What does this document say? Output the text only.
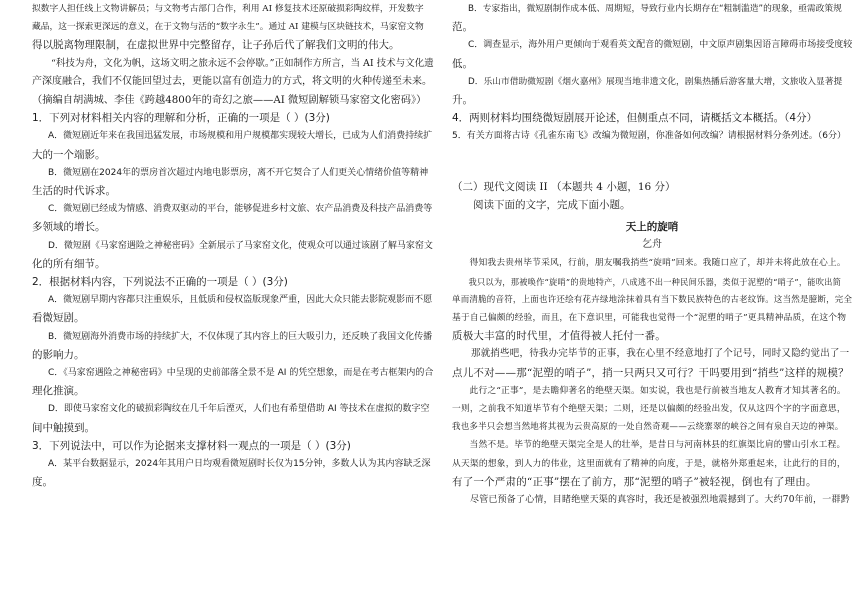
拟数字人担任线上文物讲解员；与文物考古部门合作，利用 AI 修复技术还原破损彩陶纹样，开发数字

藏品，这一探索更深远的意义，在于文物与活的“数字永生”。通过 AI 建模与区块链技术，马家窑文物

得以脱离物理限制，在虚拟世界中完整留存，让子孙后代了解我们文明的伟大。

“科技为舟，文化为帆，这场文明之旅永远不会停歇。”正如制作方所言，当 AI 技术与文化遗

产深度融合，我们不仅能回望过去，更能以富有创造力的方式，将文明的火种传递至未来。

（摘编自胡满城、李佳《跨越4800年的奇幻之旅——AI 微短剧解锁马家窑文化密码》）

1．下列对材料相关内容的理解和分析，正确的一项是（ ）(3分)

A．微短剧近年来在我国迅猛发展，市场规模和用户规模都实现较大增长，已成为人们消费持续扩

大的一个端影。

B．微短剧在2024年的票房首次超过内地电影票房，离不开它契合了人们更关心情绪价值等精神

生活的时代诉求。

C．微短剧已经成为情感、消费双驱动的平台，能够促进乡村文旅、农产品消费及科技产品消费等

多领域的增长。

D．微短剧《马家窑遇险之神秘密码》全新展示了马家窑文化，使观众可以通过该剧了解马家窑文

化的所有细节。

2．根据材料内容，下列说法不正确的一项是（ ）(3分)

A．微短剧早期内容都只注重娱乐，且低质和侵权盗版现象严重，因此大众只能去影院观影而不愿

看微短剧。

B．微短剧海外消费市场的持续扩大，不仅体现了其内容上的巨大吸引力，还反映了我国文化传播

的影响力。

C．《马家窑遇险之神秘密码》中呈现的史前部落全景不是 AI 的凭空想象，而是在考古框架内的合

理化推演。

D．即使马家窑文化的破损彩陶纹在几千年后湮灭，人们也有希望借助 AI 等技术在虚拟的数字空

间中触摸到。

3．下列说法中，可以作为论据来支撑材料一观点的一项是（ ）(3分)

A．某平台数据显示，2024年其用户日均观看微短剧时长仅为15分钟，多数人认为其内容缺乏深

度。

B．专家指出，微短剧制作成本低、周期短，导致行业内长期存在“粗制滥造”的现象，亟需政策规

范。

C．调查显示，海外用户更倾向于观看英文配音的微短剧，中文原声剧集因语言障碍市场接受度较

低。

D．乐山市借助微短剧《烟火嘉州》展现当地非遗文化，剧集热播后游客量大增，文旅收入显著提

升。

4．两则材料均围绕微短剧展开论述，但侧重点不同，请概括文本概括。（4分）

5．有关方面将古诗《孔雀东南飞》改编为微短剧，你准备如何改编？请根据材料分条列述。（6分）

（二）现代文阅读 II （本题共 4 小题，16 分）

阅读下面的文字，完成下面小题。

天上的旋哨

乞舟

得知我去贵州毕节采风，行前，朋友嘱我捎些“旋哨”回来。我随口应了，却并未将此放在心上。

我只以为，那被唤作“旋哨”的贵地特产，八成逃不出一种民间乐器，类似于泥塑的“哨子”，能吹出简

单而清脆的音符，上面也许还绘有花卉绿地涂抹着具有当下数民族特色的古老纹饰。这当然是臆断，完全

基于自己偏颇的经验，而且，在下意识里，可能我也觉得一个“泥塑的哨子”更具精神品质，在这个物

质极大丰富的时代里，才值得被人托付一番。

那就捎些吧，待我办完毕节的正事，我在心里不经意地打了个记号，同时又隐约觉出了一

点儿不对——那“泥塑的哨子”，捎一只两只又可行？干吗要用到“捎些”这样的规模？

此行之“正事”，是去瞻仰著名的绝壁天渠。如实说，我也是行前被当地友人教育才知其著名的。

一则，之前我不知道毕节有个绝壁天渠；二则，还是以偏颇的经验出发，仅从这四个字的字面意思，

我也多半只会想当然地将其视为云贵高原的一处自然奇观——云绕寨翠的峡谷之间有泉自天边的神渠。

当然不是。毕节的绝壁天渠完全是人的壮举，是昔日与河南林县的红旗渠比肩的譬山引水工程。

从天渠的想象，到人力的伟业，这里面就有了精神的向度，于是，就格外郑重起来，让此行的目的，

有了一个严肃的“正事”摆在了前方，那“泥塑的哨子”被轻视，倒也有了理由。

尽管已预备了心情，目睹绝壁天渠的真容时，我还是被强烈地震撼到了。大约70年前，一群黔
